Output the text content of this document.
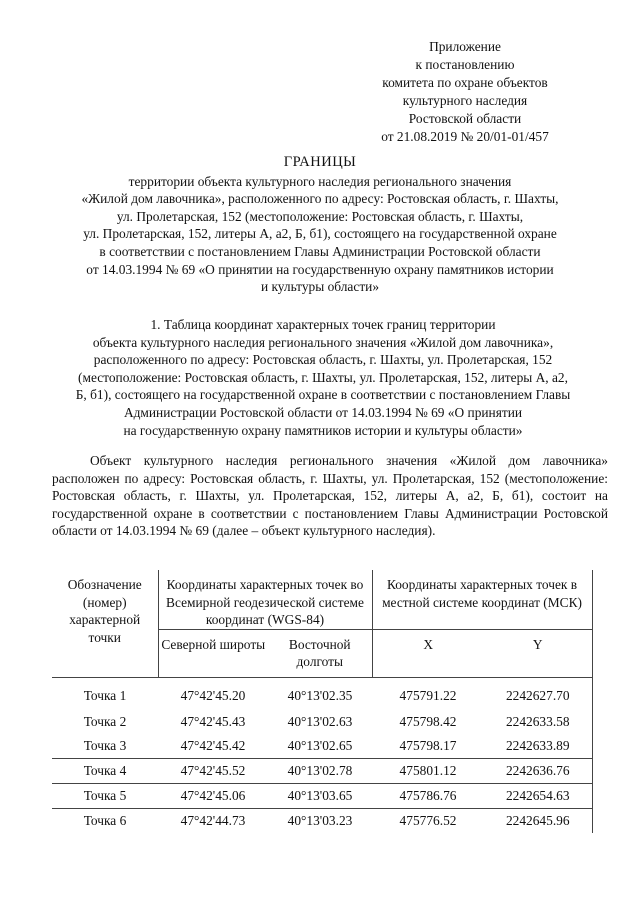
Приложение
к постановлению
комитета по охране объектов
культурного наследия
Ростовской области
от 21.08.2019 № 20/01-01/457
ГРАНИЦЫ
территории объекта культурного наследия регионального значения
«Жилой дом лавочника», расположенного по адресу: Ростовская область, г. Шахты,
ул. Пролетарская, 152 (местоположение: Ростовская область, г. Шахты,
ул. Пролетарская, 152, литеры А, а2, Б, б1), состоящего на государственной охране
в соответствии с постановлением Главы Администрации Ростовской области
от 14.03.1994 № 69 «О принятии на государственную охрану памятников истории
и культуры области»
1. Таблица координат характерных точек границ территории
объекта культурного наследия регионального значения «Жилой дом лавочника»,
расположенного по адресу: Ростовская область, г. Шахты, ул. Пролетарская, 152
(местоположение: Ростовская область, г. Шахты, ул. Пролетарская, 152, литеры А, а2,
Б, б1), состоящего на государственной охране в соответствии с постановлением Главы
Администрации Ростовской области от 14.03.1994 № 69 «О принятии
на государственную охрану памятников истории и культуры области»
Объект культурного наследия регионального значения «Жилой дом лавочника» расположен по адресу: Ростовская область, г. Шахты, ул. Пролетарская, 152 (местоположение: Ростовская область, г. Шахты, ул. Пролетарская, 152, литеры А, а2, Б, б1), состоит на государственной охране в соответствии с постановлением Главы Администрации Ростовской области от 14.03.1994 № 69 (далее – объект культурного наследия).
Обозначение (номер) характерной точки	Координаты характерных точек во Всемирной геодезической системе координат (WGS-84)		Координаты характерных точек в местной системе координат (МСК)	
	Северной широты	Восточной долготы	X	Y
Точка 1	47°42'45.20	40°13'02.35	475791.22	2242627.70
Точка 2	47°42'45.43	40°13'02.63	475798.42	2242633.58
Точка 3	47°42'45.42	40°13'02.65	475798.17	2242633.89
Точка 4	47°42'45.52	40°13'02.78	475801.12	2242636.76
Точка 5	47°42'45.06	40°13'03.65	475786.76	2242654.63
Точка 6	47°42'44.73	40°13'03.23	475776.52	2242645.96
